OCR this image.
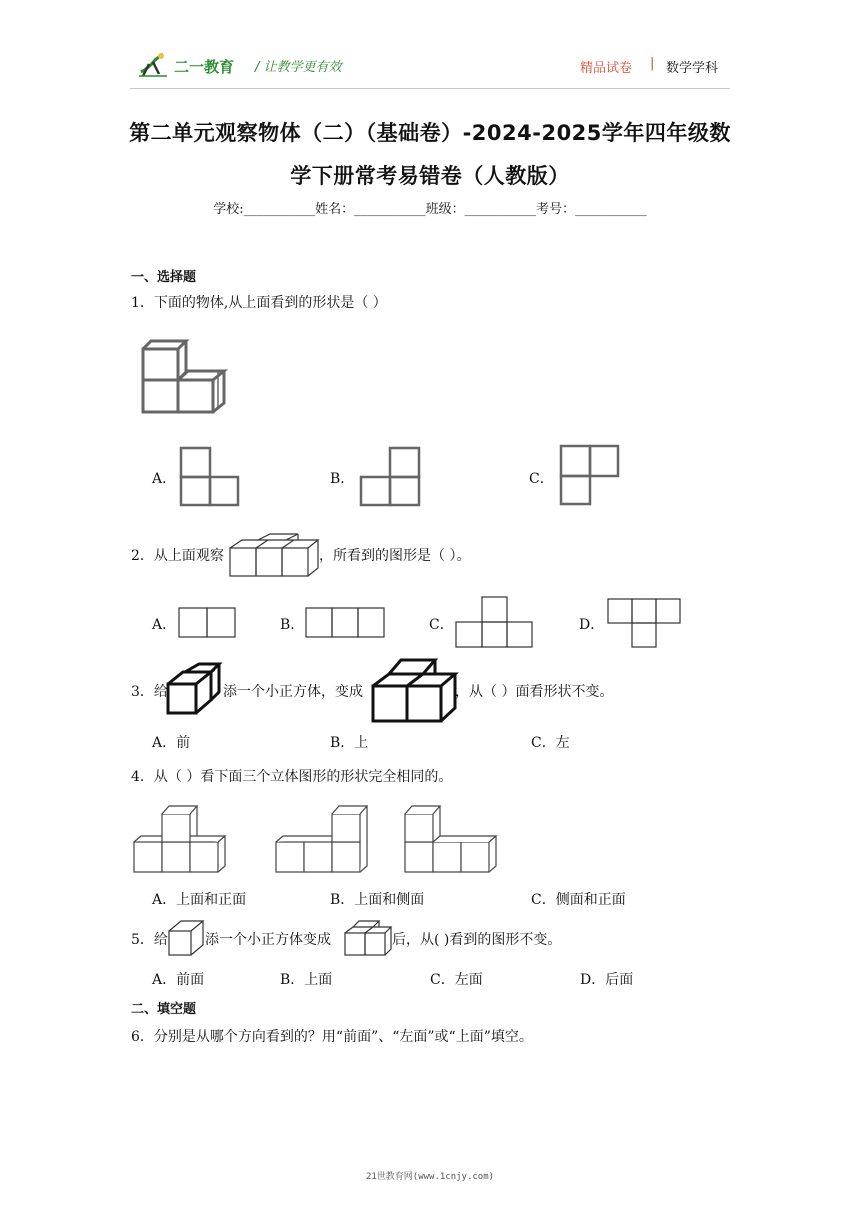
二一教育 / 让教学更有效	精品试卷 | 数学学科
第二单元观察物体（二）（基础卷）-2024-2025学年四年级数
学下册常考易错卷（人教版）
学校:___________姓名：___________班级：___________考号：___________
一、选择题
1．下面的物体,从上面看到的形状是（ ）
A．	B．	C．
2．从上面观察	，所看到的图形是（ ）。
A．	B．	C．	D．
3．给	添一个小正方体，变成	，从（ ）面看形状不变。
A．前	B．上	C．左
4．从（ ）看下面三个立体图形的形状完全相同的。
A．上面和正面	B．上面和侧面	C．侧面和正面
5．给	添一个小正方体变成	后，从( )看到的图形不变。
A．前面	B．上面	C．左面	D．后面
二、填空题
6．分别是从哪个方向看到的？用“前面”、“左面”或“上面”填空。
21世教育网(www.1cnjy.com)
